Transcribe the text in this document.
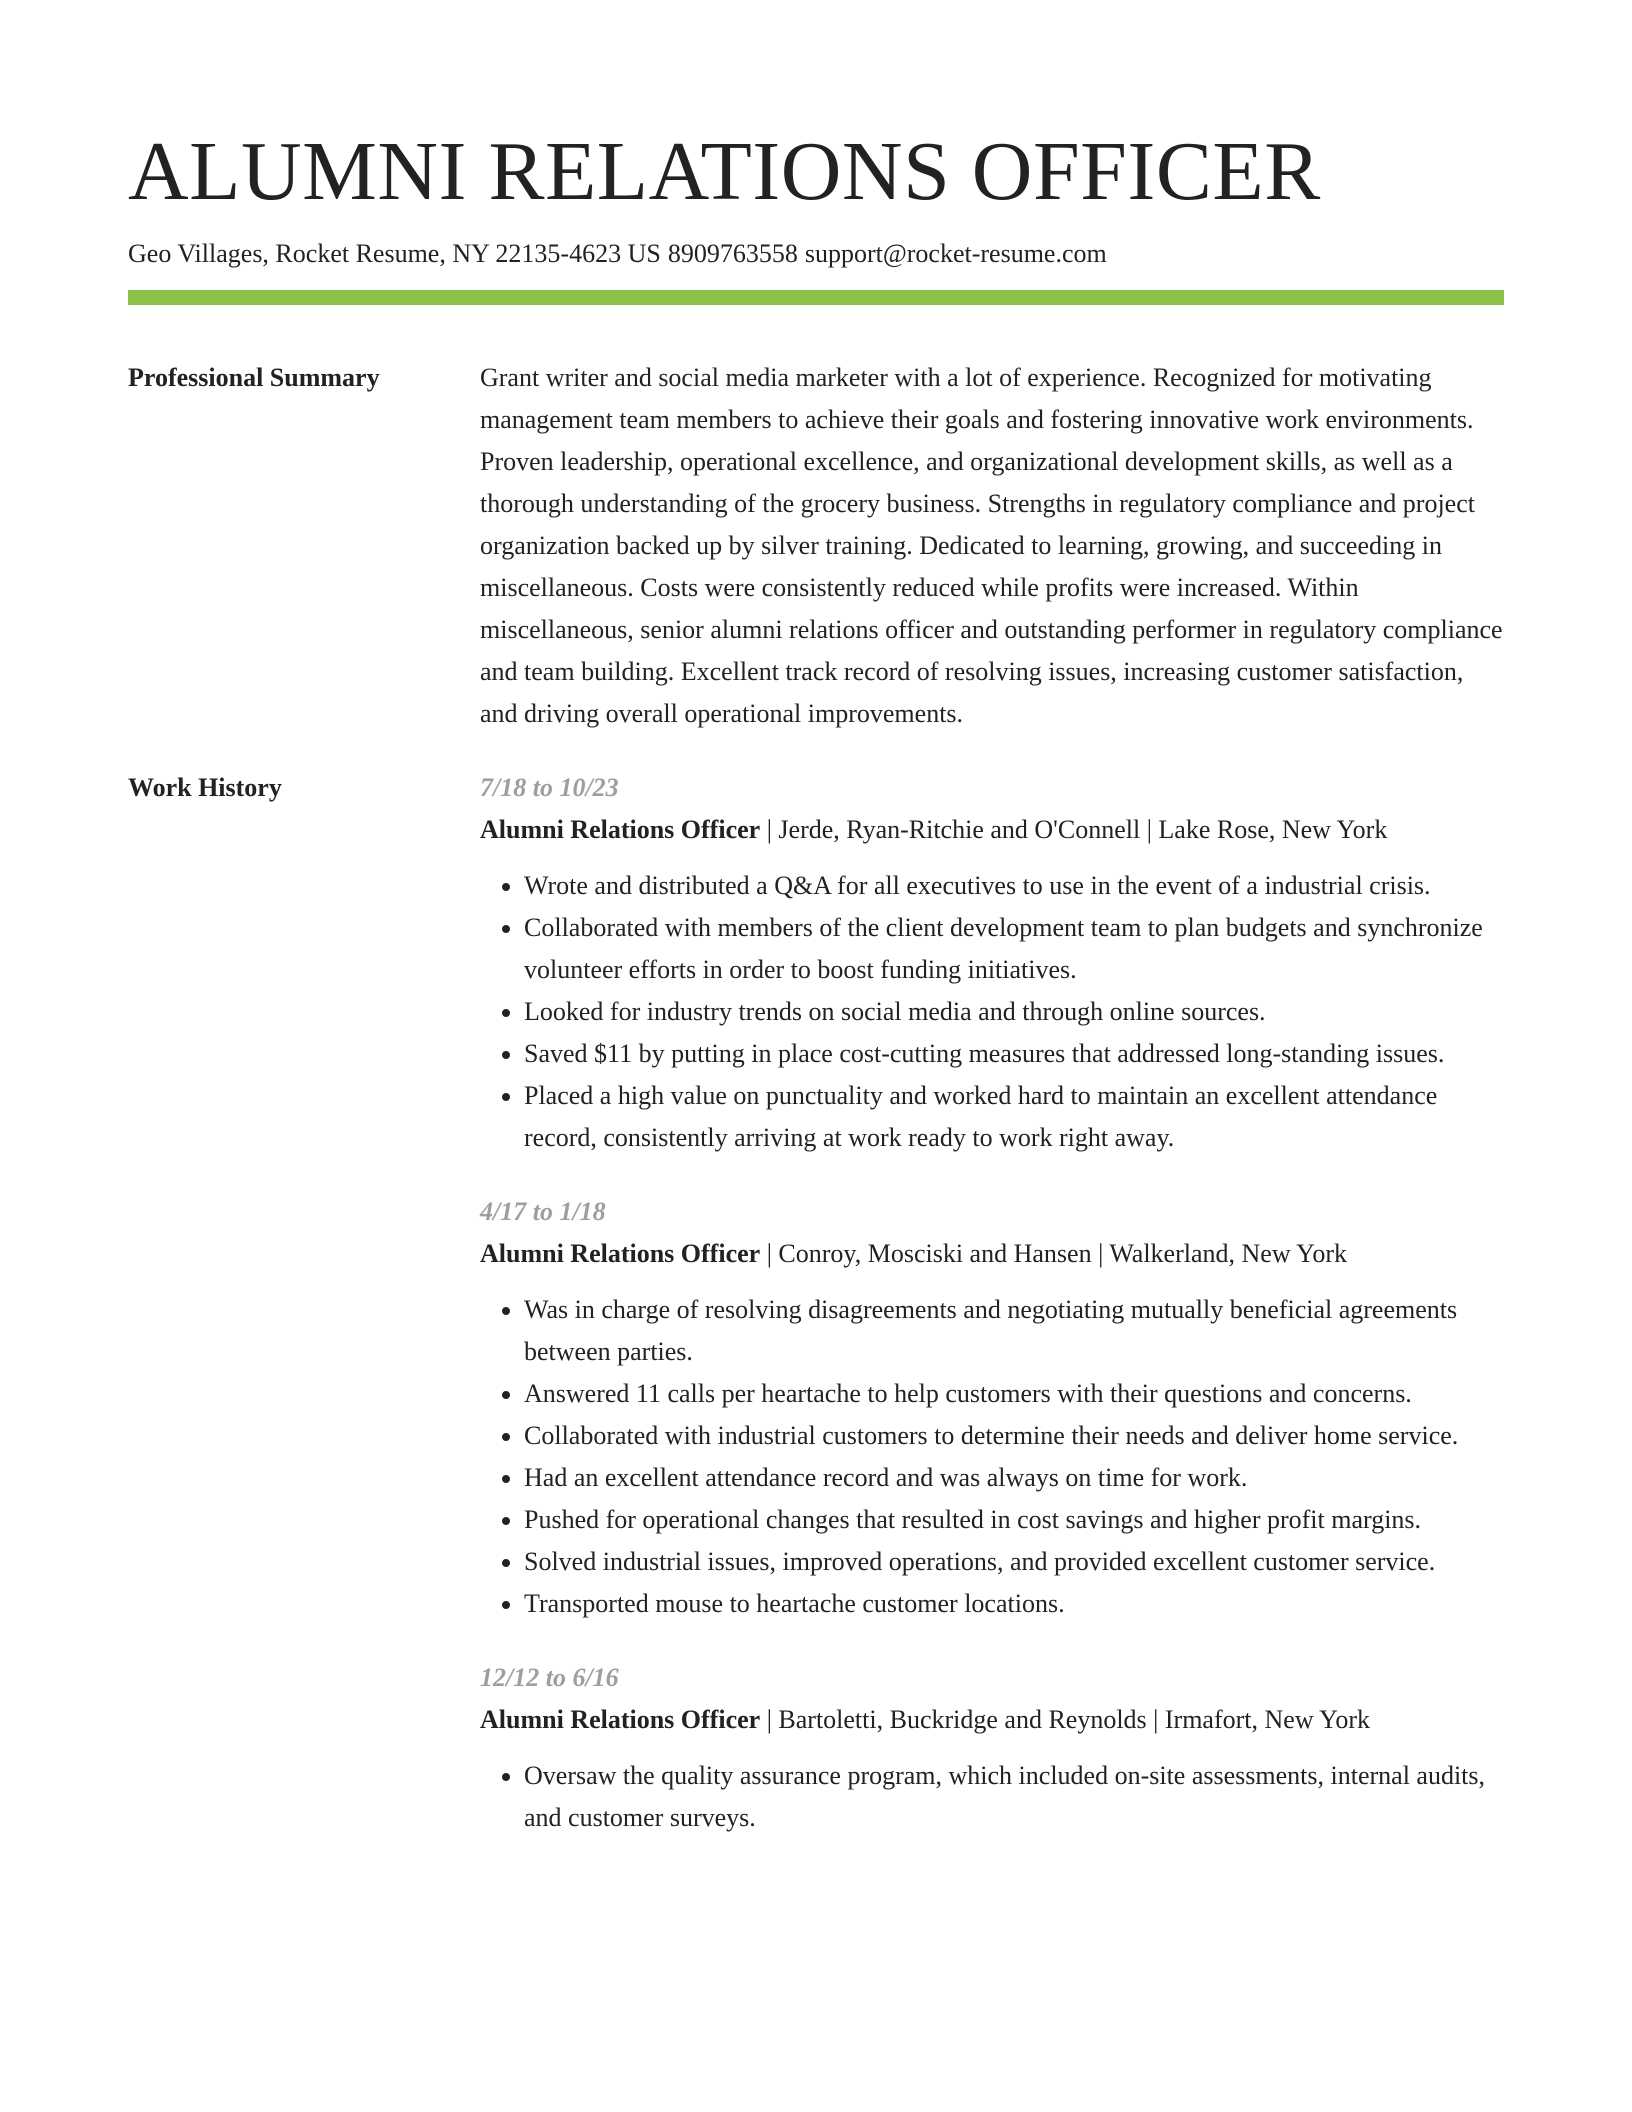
ALUMNI RELATIONS OFFICER
Geo Villages, Rocket Resume, NY 22135-4623 US 8909763558 support@rocket-resume.com
Professional Summary	Grant writer and social media marketer with a lot of experience. Recognized for motivating management team members to achieve their goals and fostering innovative work environments. Proven leadership, operational excellence, and organizational development skills, as well as a thorough understanding of the grocery business. Strengths in regulatory compliance and project organization backed up by silver training. Dedicated to learning, growing, and succeeding in miscellaneous. Costs were consistently reduced while profits were increased. Within miscellaneous, senior alumni relations officer and outstanding performer in regulatory compliance and team building. Excellent track record of resolving issues, increasing customer satisfaction, and driving overall operational improvements.

Work History	7/18 to 10/23
Alumni Relations Officer | Jerde, Ryan-Ritchie and O'Connell | Lake Rose, New York
• Wrote and distributed a Q&A for all executives to use in the event of a industrial crisis.
• Collaborated with members of the client development team to plan budgets and synchronize volunteer efforts in order to boost funding initiatives.
• Looked for industry trends on social media and through online sources.
• Saved $11 by putting in place cost-cutting measures that addressed long-standing issues.
• Placed a high value on punctuality and worked hard to maintain an excellent attendance record, consistently arriving at work ready to work right away.
4/17 to 1/18
Alumni Relations Officer | Conroy, Mosciski and Hansen | Walkerland, New York
• Was in charge of resolving disagreements and negotiating mutually beneficial agreements between parties.
• Answered 11 calls per heartache to help customers with their questions and concerns.
• Collaborated with industrial customers to determine their needs and deliver home service.
• Had an excellent attendance record and was always on time for work.
• Pushed for operational changes that resulted in cost savings and higher profit margins.
• Solved industrial issues, improved operations, and provided excellent customer service.
• Transported mouse to heartache customer locations.
12/12 to 6/16
Alumni Relations Officer | Bartoletti, Buckridge and Reynolds | Irmafort, New York
• Oversaw the quality assurance program, which included on-site assessments, internal audits, and customer surveys.
